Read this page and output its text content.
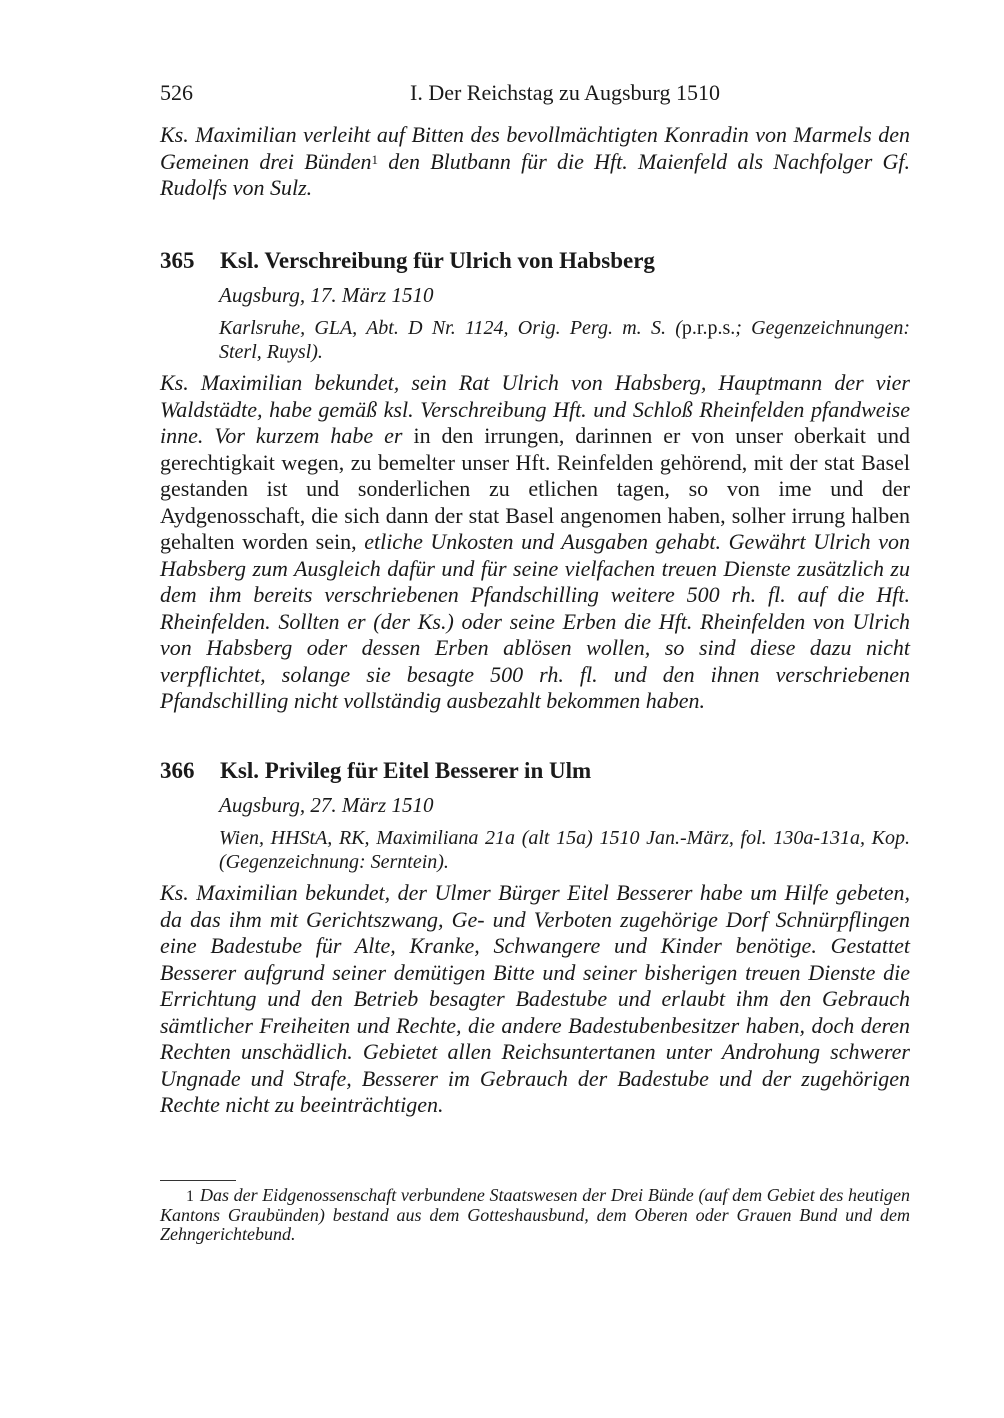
526	I. Der Reichstag zu Augsburg 1510
Ks. Maximilian verleiht auf Bitten des bevollmächtigten Konradin von Marmels den Gemeinen drei Bünden$^1$ den Blutbann für die Hft. Maienfeld als Nachfolger Gf. Rudolfs von Sulz.
365 Ksl. Verschreibung für Ulrich von Habsberg
Augsburg, 17. März 1510
Karlsruhe, GLA, Abt. D Nr. 1124, Orig. Perg. m. S. (p.r.p.s.; Gegenzeichnungen: Sterl, Ruysl).
Ks. Maximilian bekundet, sein Rat Ulrich von Habsberg, Hauptmann der vier Waldstädte, habe gemäß ksl. Verschreibung Hft. und Schloß Rheinfelden pfandweise inne. Vor kurzem habe er in den irrungen, darinnen er von unser oberkait und gerechtigkait wegen, zu bemelter unser Hft. Reinfelden gehörend, mit der stat Basel gestanden ist und sonderlichen zu etlichen tagen, so von ime und der Aydgenosschaft, die sich dann der stat Basel angenomen haben, solher irrung halben gehalten worden sein, etliche Unkosten und Ausgaben gehabt. Gewährt Ulrich von Habsberg zum Ausgleich dafür und für seine vielfachen treuen Dienste zusätzlich zu dem ihm bereits verschriebenen Pfandschilling weitere 500 rh. fl. auf die Hft. Rheinfelden. Sollten er (der Ks.) oder seine Erben die Hft. Rheinfelden von Ulrich von Habsberg oder dessen Erben ablösen wollen, so sind diese dazu nicht verpflichtet, solange sie besagte 500 rh. fl. und den ihnen verschriebenen Pfandschilling nicht vollständig ausbezahlt bekommen haben.
366 Ksl. Privileg für Eitel Besserer in Ulm
Augsburg, 27. März 1510
Wien, HHStA, RK, Maximiliana 21a (alt 15a) 1510 Jan.-März, fol. 130a-131a, Kop. (Gegenzeichnung: Serntein).
Ks. Maximilian bekundet, der Ulmer Bürger Eitel Besserer habe um Hilfe gebeten, da das ihm mit Gerichtszwang, Ge- und Verboten zugehörige Dorf Schnürpflingen eine Badestube für Alte, Kranke, Schwangere und Kinder benötige. Gestattet Besserer aufgrund seiner demütigen Bitte und seiner bisherigen treuen Dienste die Errichtung und den Betrieb besagter Badestube und erlaubt ihm den Gebrauch sämtlicher Freiheiten und Rechte, die andere Badestubenbesitzer haben, doch deren Rechten unschädlich. Gebietet allen Reichsuntertanen unter Androhung schwerer Ungnade und Strafe, Besserer im Gebrauch der Badestube und der zugehörigen Rechte nicht zu beeinträchtigen.
1 Das der Eidgenossenschaft verbundene Staatswesen der Drei Bünde (auf dem Gebiet des heutigen Kantons Graubünden) bestand aus dem Gotteshausbund, dem Oberen oder Grauen Bund und dem Zehngerichtebund.
